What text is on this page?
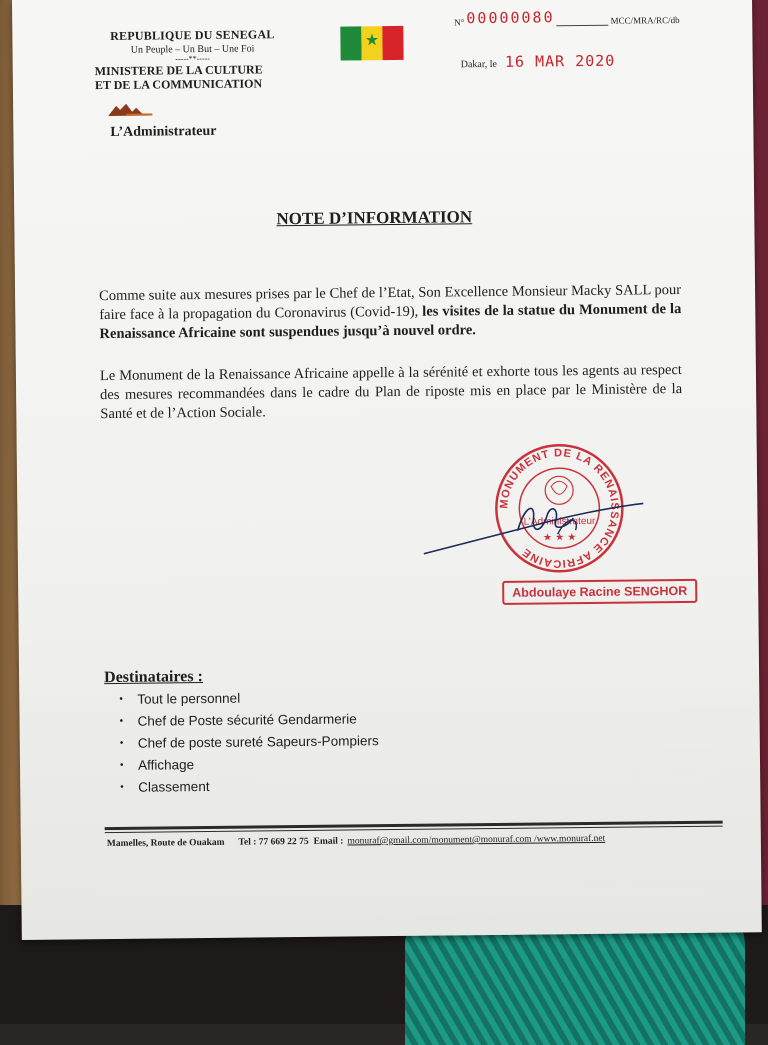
REPUBLIQUE DU SENEGAL
Un Peuple – Un But – Une Foi
-----**-----
MINISTERE DE LA CULTURE
ET DE LA COMMUNICATION
L’Administrateur
★
N° 00000080	MCC/MRA/RC/db
Dakar, le 16 MAR 2020
NOTE D’INFORMATION
Comme suite aux mesures prises par le Chef de l’Etat, Son Excellence Monsieur Macky SALL pour faire face à la propagation du Coronavirus (Covid-19), les visites de la statue du Monument de la Renaissance Africaine sont suspendues jusqu’à nouvel ordre.
Le Monument de la Renaissance Africaine appelle à la sérénité et exhorte tous les agents au respect des mesures recommandées dans le cadre du Plan de riposte mis en place par le Ministère de la Santé et de l’Action Sociale.
MONUMENT DE LA RENAISSANCE AFRICAINE
L’Administrateur
★ ★ ★
Abdoulaye Racine SENGHOR
Destinataires :
•	Tout le personnel
•	Chef de Poste sécurité Gendarmerie
•	Chef de poste sureté Sapeurs-Pompiers
•	Affichage
•	Classement
Mamelles, Route de Ouakam Tel : 77 669 22 75 Email : monuraf@gmail.com/monument@monuraf.com /www.monuraf.net
